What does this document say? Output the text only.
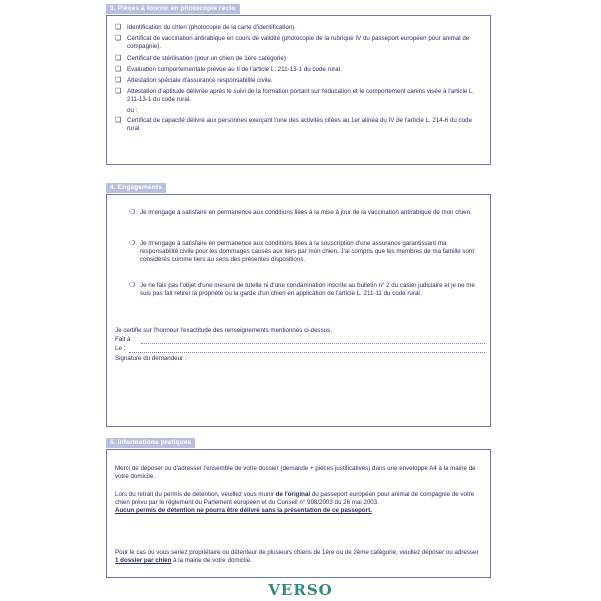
3. Pièces à fournir en photocopie recto
❑ Identification du chien (photocopie de la carte d'identification)
❑ Certificat de vaccination antirabique en cours de validité (photocopie de la rubrique IV du passeport européen pour animal de compagnie).
❑ Certificat de stérilisation (pour un chien de 1ère catégorie)
❑ Evaluation comportementale prévue au II de l'article L. 211-13-1 du code rural.
❑ Attestation spéciale d'assurance responsabilité civile.
❑ Attestation d'aptitude délivrée après le suivi de la formation portant sur l'éducation et le comportement canins visée à l'article L. 211-13-1 du code rural.
ou :
❑ Certificat de capacité délivré aux personnes exerçant l'une des activités citées au 1er alinéa du IV de l'article L. 214-6 du code rural.
4. Engagements
❍ Je m'engage à satisfaire en permanence aux conditions liées à la mise à jour de la vaccination antirabique de mon chien.
❍ Je m'engage à satisfaire en permanence aux conditions liées à la souscription d'une assurance garantissant ma responsabilité civile pour les dommages causés aux tiers par mon chien. J'ai compris que les membres de ma famille sont considérés comme tiers au sens des présentes dispositions.
❍ Je ne fais pas l'objet d'une mesure de tutelle ni d'une condamnation inscrite au bulletin n° 2 du casier judiciaire et je ne me suis pas fait retirer la propriété ou la garde d'un chien en application de l'article L. 211-11 du code rural.
Je certifie sur l'honneur l'exactitude des renseignements mentionnés ci-dessus.
Fait à :
Le :
Signature du demandeur :
5. Informations pratiques
Merci de déposer ou d'adresser l'ensemble de votre dossier (demande + pièces justificatives) dans une enveloppe A4 à la mairie de votre domicile.
Lors du retrait du permis de détention, veuillez vous munir de l'original du passeport européen pour animal de compagnie de votre chien prévu par le règlement du Parlement européen et du Conseil n° 998/2003 du 26 mai 2003.
Aucun permis de détention ne pourra être délivré sans la présentation de ce passeport.
Pour le cas où vous seriez propriétaire ou détenteur de plusieurs chiens de 1ère ou de 2ème catégorie, veuillez déposer ou adresser 1 dossier par chien à la mairie de votre domicile.
VERSO
